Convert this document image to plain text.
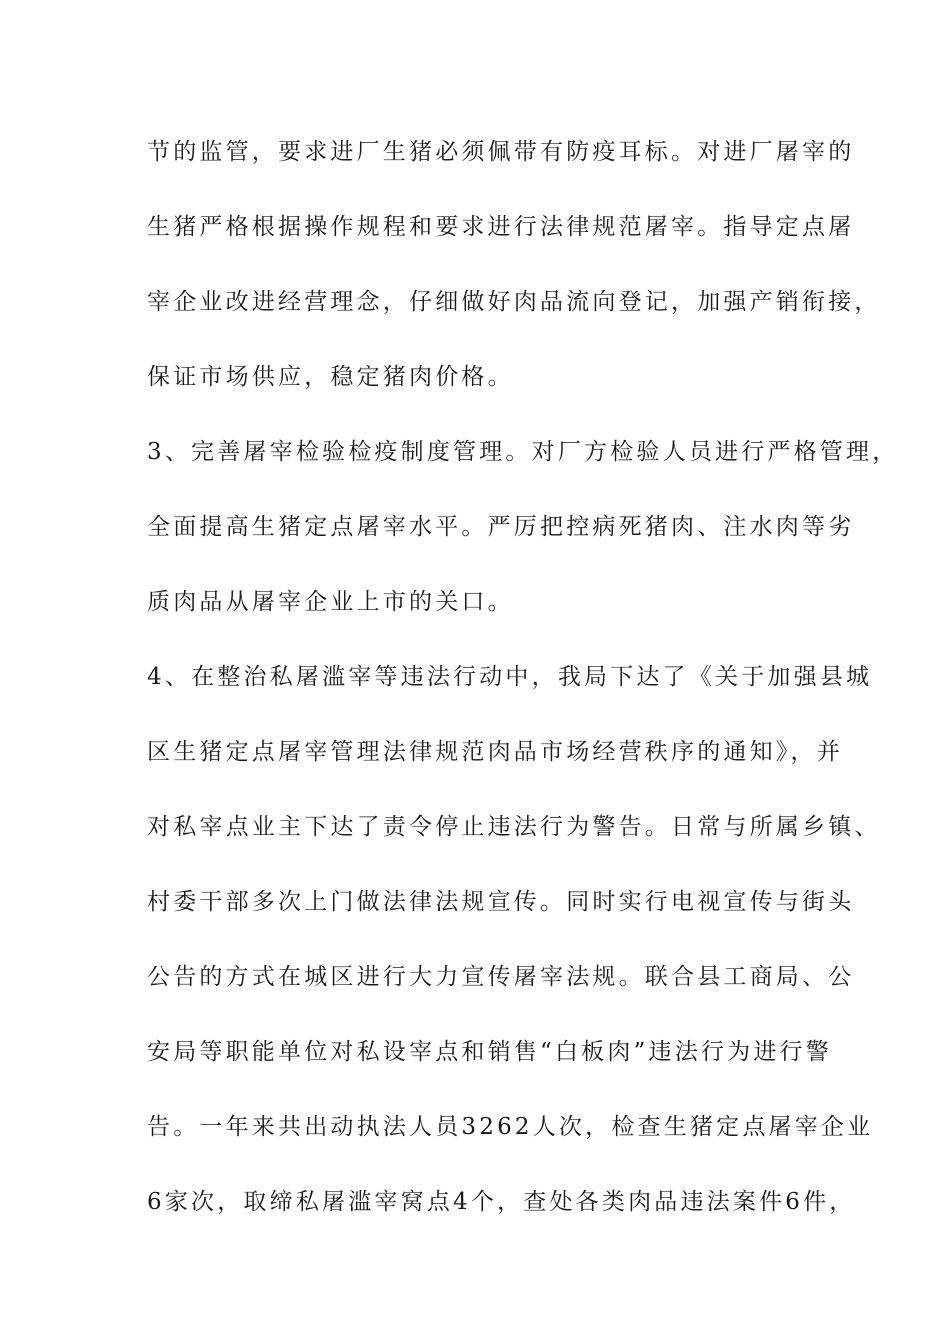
节的监管，要求进厂生猪必须佩带有防疫耳标。对进厂屠宰的
生猪严格根据操作规程和要求进行法律规范屠宰。指导定点屠
宰企业改进经营理念，仔细做好肉品流向登记，加强产销衔接，
保证市场供应，稳定猪肉价格。
3、完善屠宰检验检疫制度管理。对厂方检验人员进行严格管理，
全面提高生猪定点屠宰水平。严厉把控病死猪肉、注水肉等劣
质肉品从屠宰企业上市的关口。
4、在整治私屠滥宰等违法行动中，我局下达了《关于加强县城
区生猪定点屠宰管理法律规范肉品市场经营秩序的通知》，并
对私宰点业主下达了责令停止违法行为警告。日常与所属乡镇、
村委干部多次上门做法律法规宣传。同时实行电视宣传与街头
公告的方式在城区进行大力宣传屠宰法规。联合县工商局、公
安局等职能单位对私设宰点和销售“白板肉”违法行为进行警
告。一年来共出动执法人员3262人次，检查生猪定点屠宰企业
6家次，取缔私屠滥宰窝点4个，查处各类肉品违法案件6件，
